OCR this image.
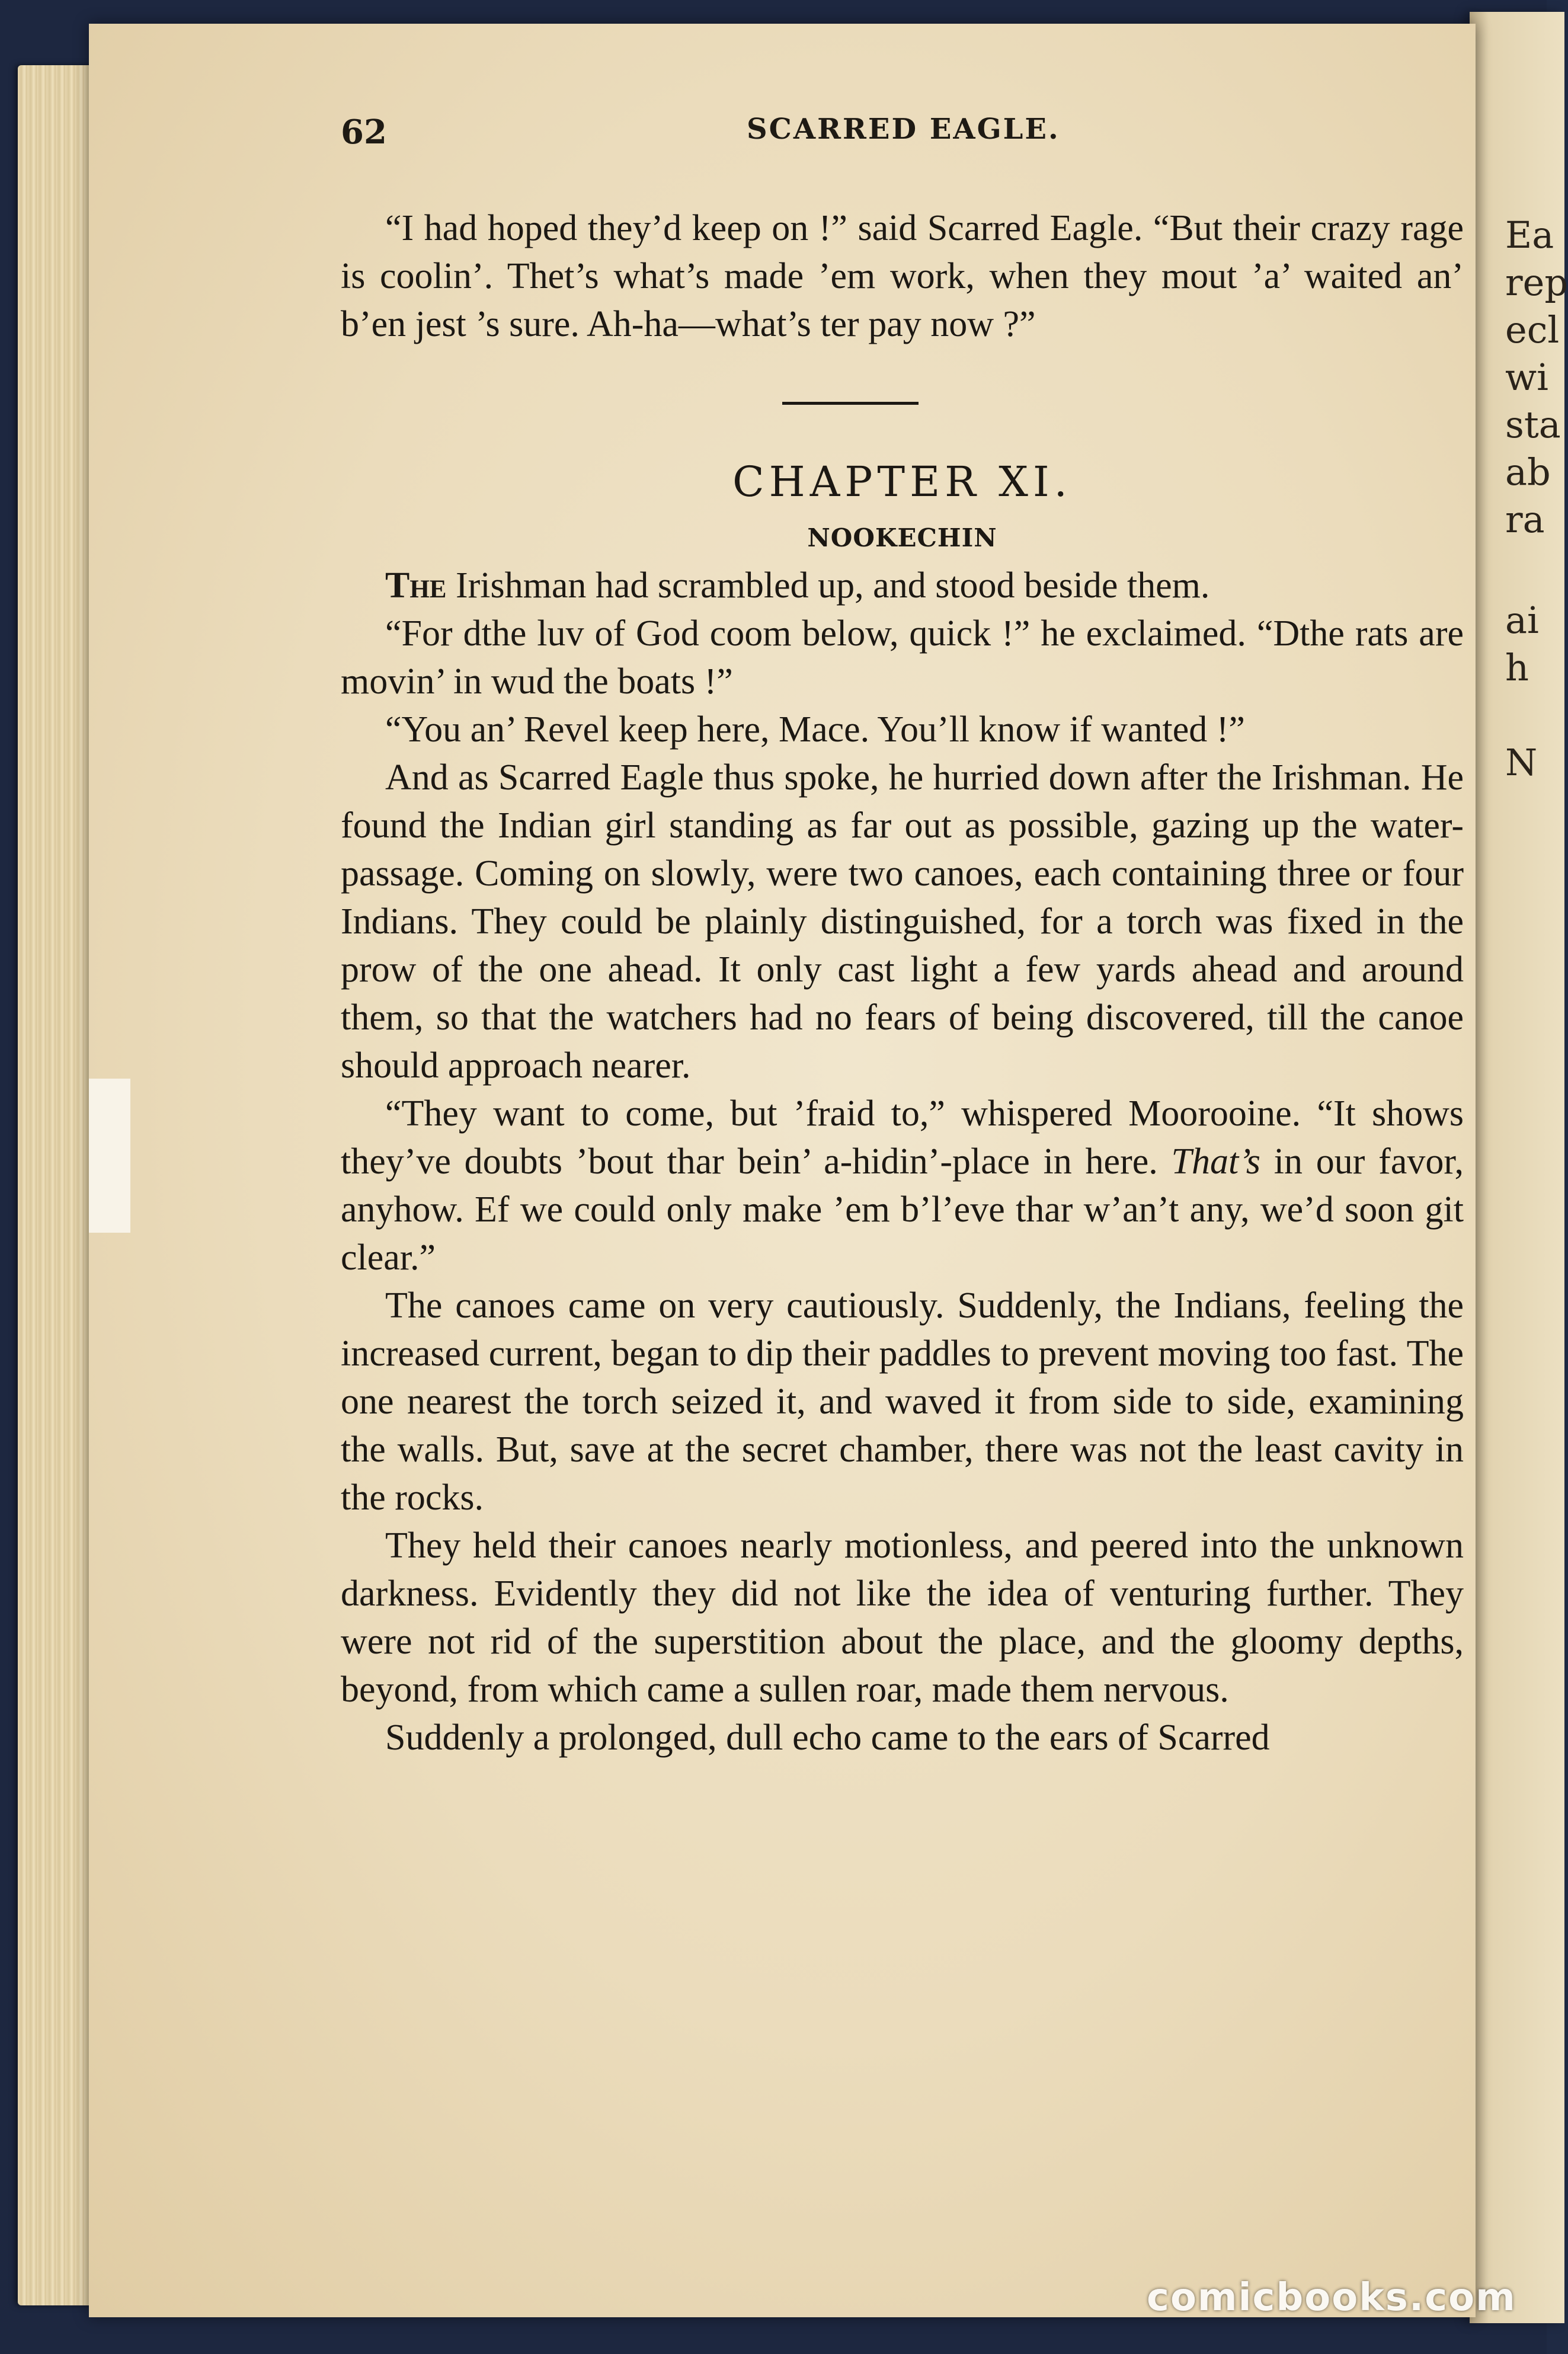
Ea
rep
ecl
wi
sta
ab
ra
ai
h
N
62	SCARRED EAGLE.

“I had hoped they’d keep on !” said Scarred Eagle. “But their crazy rage is coolin’. Thet’s what’s made ’em work, when they mout ’a’ waited an’ b’en jest ’s sure. Ah-ha—what’s ter pay now ?”

CHAPTER XI.
NOOKECHIN

The Irishman had scrambled up, and stood beside them.

“For dthe luv of God coom below, quick !” he exclaimed. “Dthe rats are movin’ in wud the boats !”

“You an’ Revel keep here, Mace. You’ll know if wanted !”

And as Scarred Eagle thus spoke, he hurried down after the Irishman. He found the Indian girl standing as far out as possible, gazing up the water-passage. Coming on slowly, were two canoes, each containing three or four Indians. They could be plainly distinguished, for a torch was fixed in the prow of the one ahead. It only cast light a few yards ahead and around them, so that the watchers had no fears of being discovered, till the canoe should approach nearer.

“They want to come, but ’fraid to,” whispered Moorooine. “It shows they’ve doubts ’bout thar bein’ a-hidin’-place in here. That’s in our favor, anyhow. Ef we could only make ’em b’l’eve thar w’an’t any, we’d soon git clear.”

The canoes came on very cautiously. Suddenly, the Indians, feeling the increased current, began to dip their paddles to prevent moving too fast. The one nearest the torch seized it, and waved it from side to side, examining the walls. But, save at the secret chamber, there was not the least cavity in the rocks.

They held their canoes nearly motionless, and peered into the unknown darkness. Evidently they did not like the idea of venturing further. They were not rid of the superstition about the place, and the gloomy depths, beyond, from which came a sullen roar, made them nervous.

Suddenly a prolonged, dull echo came to the ears of Scarred

comicbooks.com
